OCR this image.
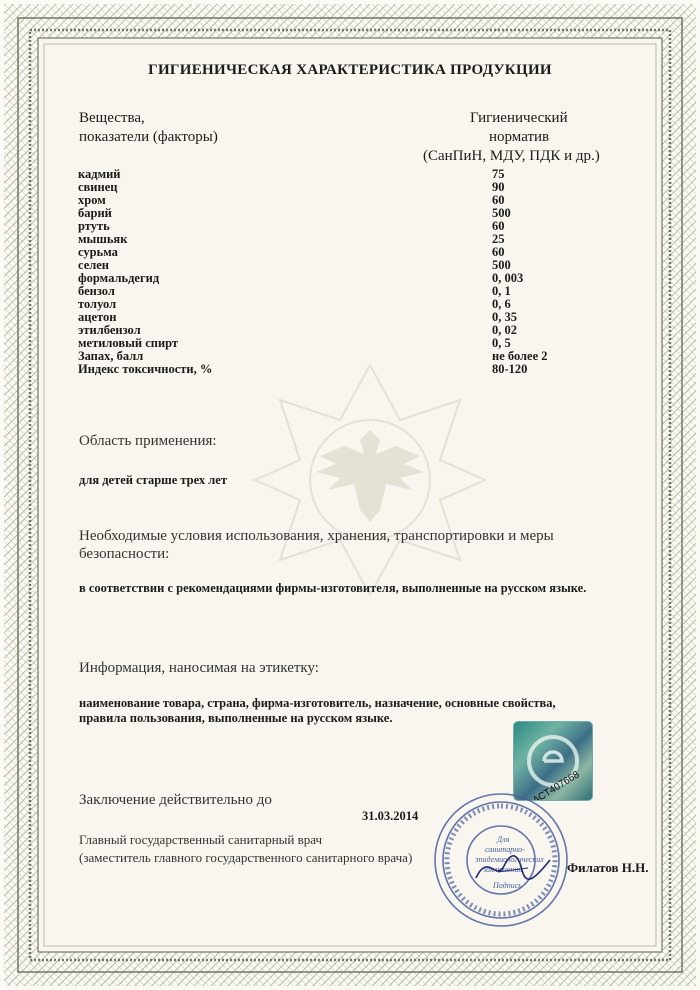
ГИГИЕНИЧЕСКАЯ ХАРАКТЕРИСТИКА ПРОДУКЦИИ
Вещества,
показатели (факторы)
Гигиенический
норматив
(СанПиН, МДУ, ПДК и др.)
кадмий	75
свинец	90
хром	60
барий	500
ртуть	60
мышьяк	25
сурьма	60
селен	500
формальдегид	0, 003
бензол	0, 1
толуол	0, 6
ацетон	0, 35
этилбензол	0, 02
метиловый спирт	0, 5
Запах, балл	не более 2
Индекс токсичности, %	80-120
Область применения:
для детей старше трех лет
Необходимые условия использования, хранения, транспортировки и меры
безопасности:
в соответствии с рекомендациями фирмы-изготовителя, выполненные на русском языке.
Информация, наносимая на этикетку:
наименование товара, страна, фирма-изготовитель, назначение, основные свойства,
правила пользования, выполненные на русском языке.
АСТ407668
Заключение действительно до
31.03.2014
Главный государственный санитарный врач
(заместитель главного государственного санитарного врача)
Для
санитарно-
эпидемиологических
заключений
Подпись
Филатов Н.Н.
